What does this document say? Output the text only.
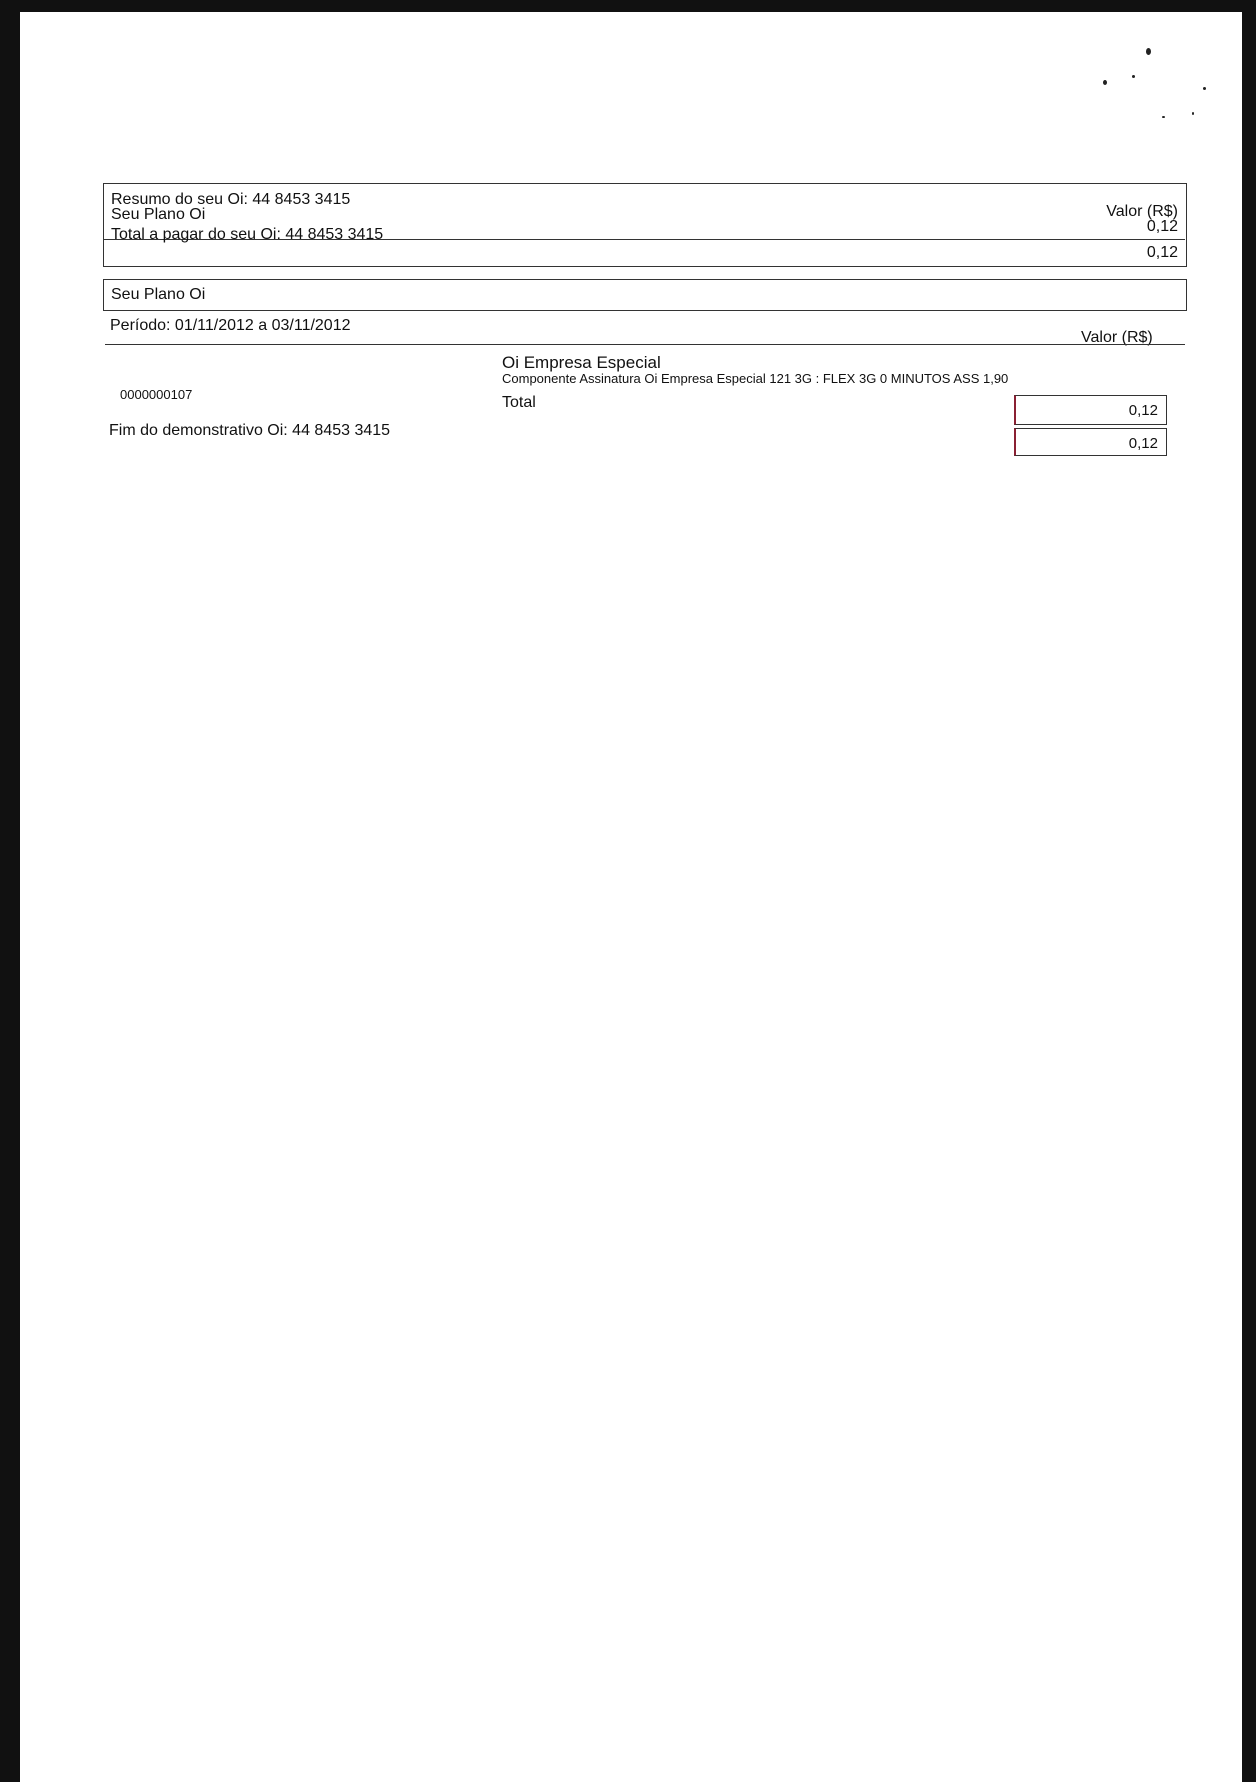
Resumo do seu Oi: 44 8453 3415
Seu Plano Oi	Valor (R$)
0,12
Total a pagar do seu Oi: 44 8453 3415
0,12
Seu Plano Oi
Período: 01/11/2012 a 03/11/2012
Valor (R$)
0000000107
Oi Empresa Especial
Componente Assinatura Oi Empresa Especial 121 3G : FLEX 3G 0 MINUTOS ASS 1,90
Total	0,12
0,12
Fim do demonstrativo Oi: 44 8453 3415
